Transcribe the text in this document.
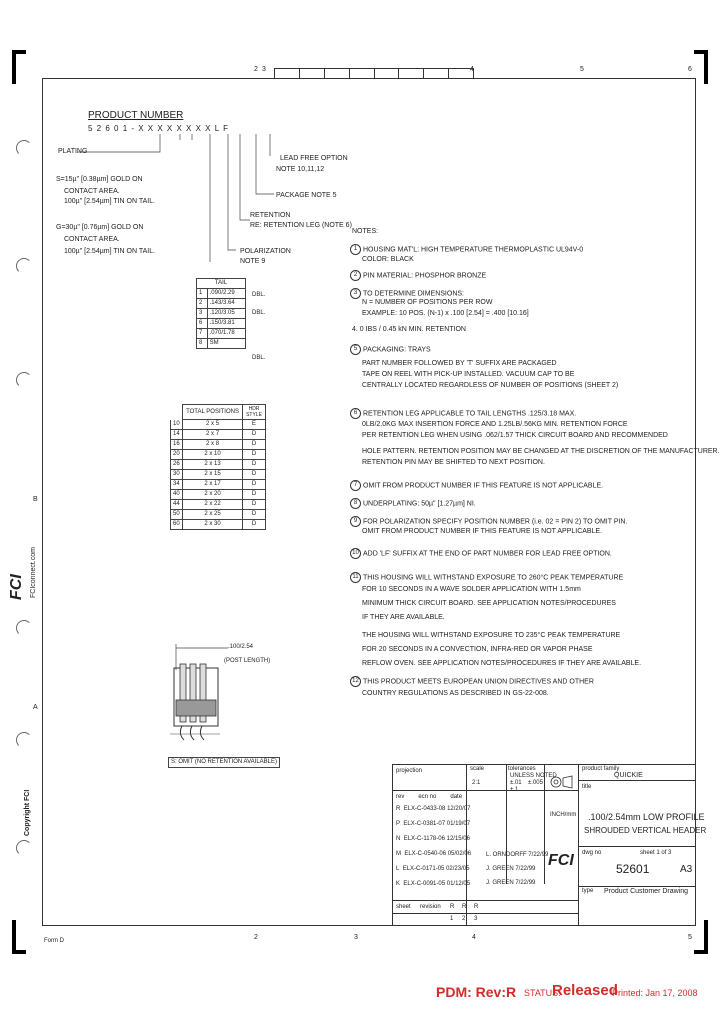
2 3	4	5	6
2	3	4	5
B
A
FCI FCIconnect.com
Copyright FCI
Form D
PRODUCT NUMBER
5 2 6 0 1 - X X X X X X X X L F
PLATING
S=15µ" [0.38µm] GOLD ON
CONTACT AREA.
100µ" [2.54µm] TIN ON TAIL.
G=30µ" [0.76µm] GOLD ON
CONTACT AREA.
100µ" [2.54µm] TIN ON TAIL.
LEAD FREE OPTION
NOTE 10,11,12
PACKAGE NOTE 5
RETENTION
RE: RETENTION LEG (NOTE 6)
POLARIZATION
NOTE 9
TAIL	
1	.090/2.29
2	.143/3.64
3	.120/3.05
6	.150/3.81
7	.070/1.78
8	SM
DBL.
DBL.
DBL.
	TOTAL POSITIONS	HDR STYLE
10	2 x 5	E
14	2 x 7	D
16	2 x 8	D
20	2 x 10	D
26	2 x 13	D
30	2 x 15	D
34	2 x 17	D
40	2 x 20	D
44	2 x 22	D
50	2 x 25	D
60	2 x 30	D
.100/2.54
(POST LENGTH)
S: OMIT (NO RETENTION AVAILABLE)
NOTES:
1 HOUSING MAT'L: HIGH TEMPERATURE THERMOPLASTIC UL94V-0
COLOR: BLACK
2 PIN MATERIAL: PHOSPHOR BRONZE
3 TO DETERMINE DIMENSIONS:
N = NUMBER OF POSITIONS PER ROW
EXAMPLE: 10 POS. (N-1) x .100 [2.54] = .400 [10.16]
4. 0 IBS / 0.45 kN MIN. RETENTION
5 PACKAGING: TRAYS
PART NUMBER FOLLOWED BY 'T' SUFFIX ARE PACKAGED
TAPE ON REEL WITH PICK-UP INSTALLED. VACUUM CAP TO BE
CENTRALLY LOCATED REGARDLESS OF NUMBER OF POSITIONS (SHEET 2)
6 RETENTION LEG APPLICABLE TO TAIL LENGTHS .125/3.18 MAX.
0LB/2.0KG MAX INSERTION FORCE AND 1.25LB/.56KG MIN. RETENTION FORCE
PER RETENTION LEG WHEN USING .062/1.57 THICK CIRCUIT BOARD AND RECOMMENDED
HOLE PATTERN. RETENTION POSITION MAY BE CHANGED AT THE DISCRETION OF THE MANUFACTURER.
RETENTION PIN MAY BE SHIFTED TO NEXT POSITION.
7 OMIT FROM PRODUCT NUMBER IF THIS FEATURE IS NOT APPLICABLE.
8 UNDERPLATING: 50µ" [1.27µm] NI.
9 FOR POLARIZATION SPECIFY POSITION NUMBER (i.e. 02 = PIN 2) TO OMIT PIN.
OMIT FROM PRODUCT NUMBER IF THIS FEATURE IS NOT APPLICABLE.
10 ADD 'LF' SUFFIX AT THE END OF PART NUMBER FOR LEAD FREE OPTION.
11 THIS HOUSING WILL WITHSTAND EXPOSURE TO 260°C PEAK TEMPERATURE
FOR 10 SECONDS IN A WAVE SOLDER APPLICATION WITH 1.5mm
MINIMUM THICK CIRCUIT BOARD. SEE APPLICATION NOTES/PROCEDURES
IF THEY ARE AVAILABLE.
THE HOUSING WILL WITHSTAND EXPOSURE TO 235°C PEAK TEMPERATURE
FOR 20 SECONDS IN A CONVECTION, INFRA-RED OR VAPOR PHASE
REFLOW OVEN. SEE APPLICATION NOTES/PROCEDURES IF THEY ARE AVAILABLE.
12 THIS PRODUCT MEETS EUROPEAN UNION DIRECTIVES AND OTHER
COUNTRY REGULATIONS AS DESCRIBED IN GS-22-008.
projection	scale
2:1
tolerances
UNLESS NOTED
±.01 ±.005
±.1
INCH/mm
rev ecn no date
R ELX-C-0433-08 12/20/07
P ELX-C-0381-07 01/19/07
N ELX-C-1178-06 12/15/06
M ELX-C-0540-06 05/02/06
L ELX-C-0171-05 02/23/05
K ELX-C-0091-05 01/12/05
L. ORNDORFF 7/22/99
J. GREEN 7/22/99
J. GREEN 7/22/99
sheet revision R R R
1 2 3
product family
QUICKIE
title
.100/2.54mm LOW PROFILE
SHROUDED VERTICAL HEADER
dwg no
52601
sheet 1 of 3
A3
type Product Customer Drawing
FCI
PDM: Rev:R STATUS:
Released
Printed: Jan 17, 2008
